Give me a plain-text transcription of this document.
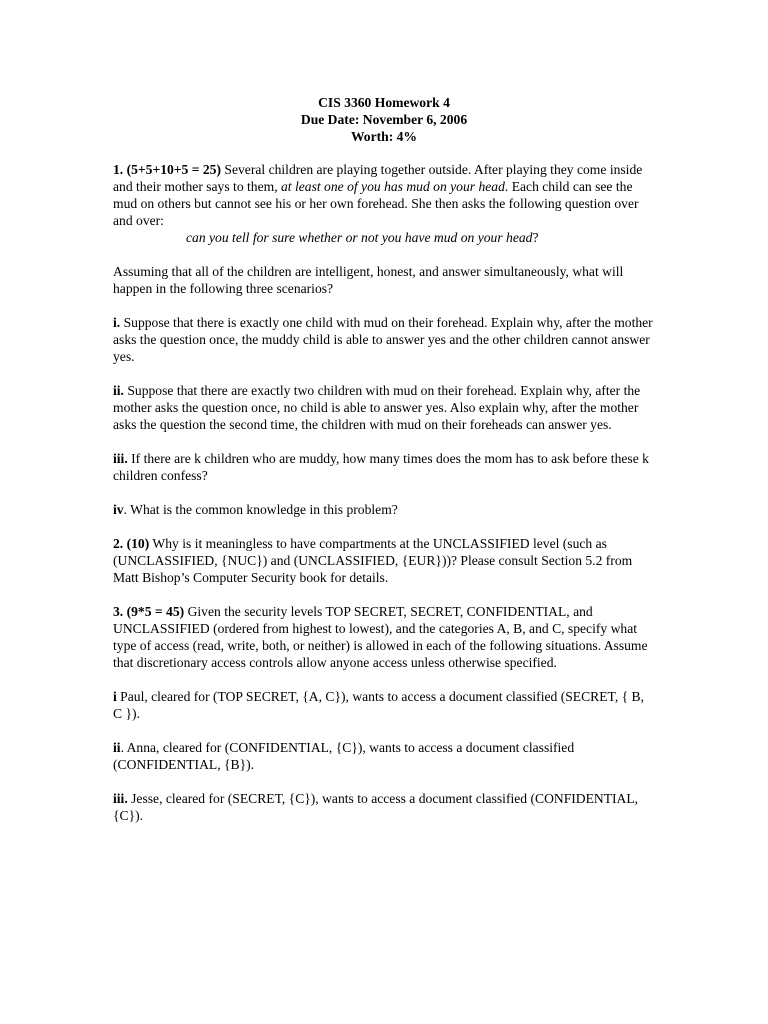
CIS 3360 Homework 4
Due Date: November 6, 2006
Worth: 4%

1. (5+5+10+5 = 25) Several children are playing together outside. After playing they come inside and their mother says to them, at least one of you has mud on your head. Each child can see the mud on others but cannot see his or her own forehead. She then asks the following question over and over:
can you tell for sure whether or not you have mud on your head?

Assuming that all of the children are intelligent, honest, and answer simultaneously, what will happen in the following three scenarios?

i. Suppose that there is exactly one child with mud on their forehead. Explain why, after the mother asks the question once, the muddy child is able to answer yes and the other children cannot answer yes.

ii. Suppose that there are exactly two children with mud on their forehead. Explain why, after the mother asks the question once, no child is able to answer yes. Also explain why, after the mother asks the question the second time, the children with mud on their foreheads can answer yes.

iii. If there are k children who are muddy, how many times does the mom has to ask before these k children confess?

iv. What is the common knowledge in this problem?

2. (10) Why is it meaningless to have compartments at the UNCLASSIFIED level (such as (UNCLASSIFIED, {NUC}) and (UNCLASSIFIED, {EUR}))? Please consult Section 5.2 from Matt Bishop’s Computer Security book for details.

3. (9*5 = 45) Given the security levels TOP SECRET, SECRET, CONFIDENTIAL, and UNCLASSIFIED (ordered from highest to lowest), and the categories A, B, and C, specify what type of access (read, write, both, or neither) is allowed in each of the following situations. Assume that discretionary access controls allow anyone access unless otherwise specified.

i Paul, cleared for (TOP SECRET, {A, C}), wants to access a document classified (SECRET, { B, C }).

ii. Anna, cleared for (CONFIDENTIAL, {C}), wants to access a document classified (CONFIDENTIAL, {B}).

iii. Jesse, cleared for (SECRET, {C}), wants to access a document classified (CONFIDENTIAL, {C}).
